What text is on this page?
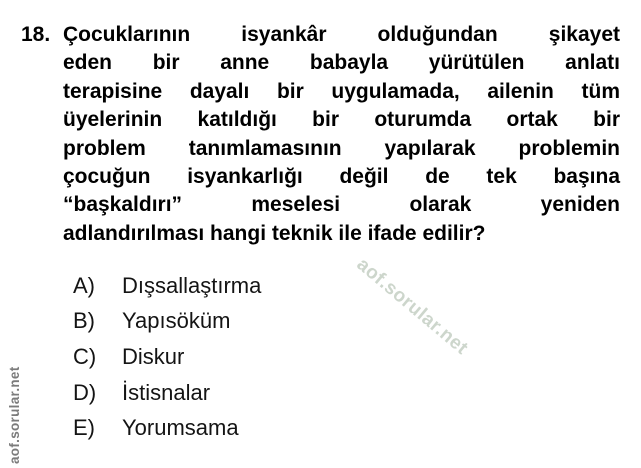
18. Çocuklarının isyankâr olduğundan şikayet
eden bir anne babayla yürütülen anlatı
terapisine dayalı bir uygulamada, ailenin tüm
üyelerinin katıldığı bir oturumda ortak bir
problem tanımlamasının yapılarak problemin
çocuğun isyankarlığı değil de tek başına
“başkaldırı” meselesi olarak yeniden
adlandırılması hangi teknik ile ifade edilir?
A)	Dışsallaştırma
B)	Yapısöküm
C)	Diskur
D)	İstisnalar
E)	Yorumsama
aof.sorular.net
aof.sorular.net
